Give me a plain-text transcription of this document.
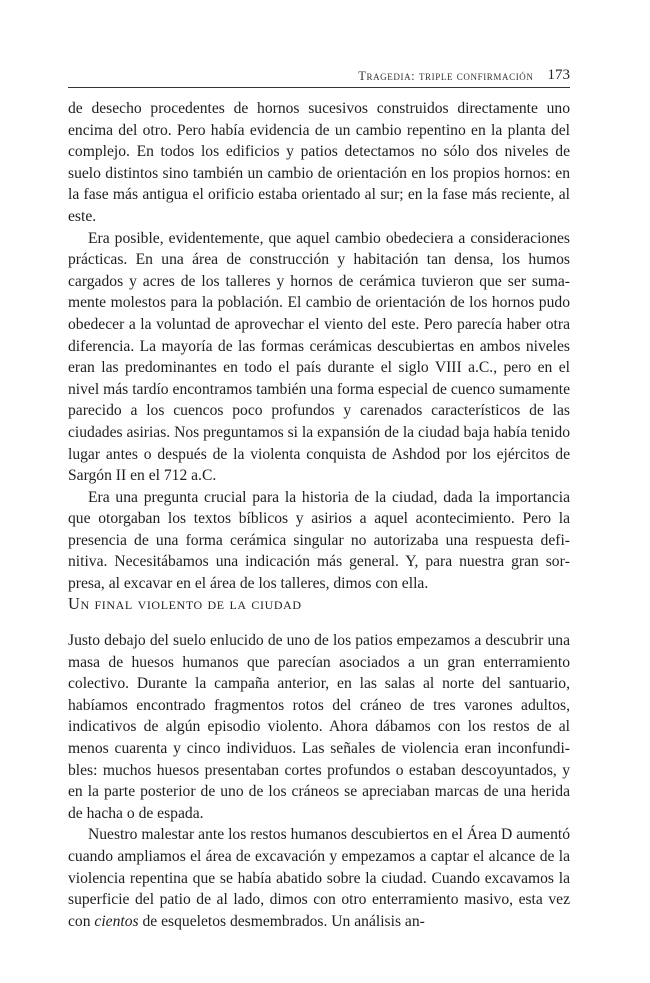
Tragedia: triple confirmación 173

de desecho procedentes de hornos sucesivos construidos directamente uno encima del otro. Pero había evidencia de un cambio repentino en la planta del complejo. En todos los edificios y patios detectamos no sólo dos niveles de suelo distintos sino también un cambio de orientación en los propios hornos: en la fase más antigua el orificio estaba orientado al sur; en la fase más reciente, al este.

Era posible, evidentemente, que aquel cambio obedeciera a consideraciones prácticas. En una área de construcción y habitación tan densa, los humos cargados y acres de los talleres y hornos de cerámica tuvieron que ser sumamente molestos para la población. El cambio de orientación de los hornos pudo obedecer a la voluntad de aprovechar el viento del este. Pero parecía haber otra diferencia. La mayoría de las formas cerámicas descubiertas en ambos niveles eran las predominantes en todo el país durante el siglo VIII a.C., pero en el nivel más tardío encontramos también una forma especial de cuenco sumamente parecido a los cuencos poco profundos y carenados característicos de las ciudades asirias. Nos preguntamos si la expansión de la ciudad baja había tenido lugar antes o después de la violenta conquista de Ashdod por los ejércitos de Sargón II en el 712 a.C.

Era una pregunta crucial para la historia de la ciudad, dada la importancia que otorgaban los textos bíblicos y asirios a aquel acontecimiento. Pero la presencia de una forma cerámica singular no autorizaba una respuesta definitiva. Necesitábamos una indicación más general. Y, para nuestra gran sorpresa, al excavar en el área de los talleres, dimos con ella.

Un final violento de la ciudad

Justo debajo del suelo enlucido de uno de los patios empezamos a descubrir una masa de huesos humanos que parecían asociados a un gran enterramiento colectivo. Durante la campaña anterior, en las salas al norte del santuario, habíamos encontrado fragmentos rotos del cráneo de tres varones adultos, indicativos de algún episodio violento. Ahora dábamos con los restos de al menos cuarenta y cinco individuos. Las señales de violencia eran inconfundibles: muchos huesos presentaban cortes profundos o estaban descoyuntados, y en la parte posterior de uno de los cráneos se apreciaban marcas de una herida de hacha o de espada.

Nuestro malestar ante los restos humanos descubiertos en el Área D aumentó cuando ampliamos el área de excavación y empezamos a captar el alcance de la violencia repentina que se había abatido sobre la ciudad. Cuando excavamos la superficie del patio de al lado, dimos con otro enterramiento masivo, esta vez con cientos de esqueletos desmembrados. Un análisis an-
